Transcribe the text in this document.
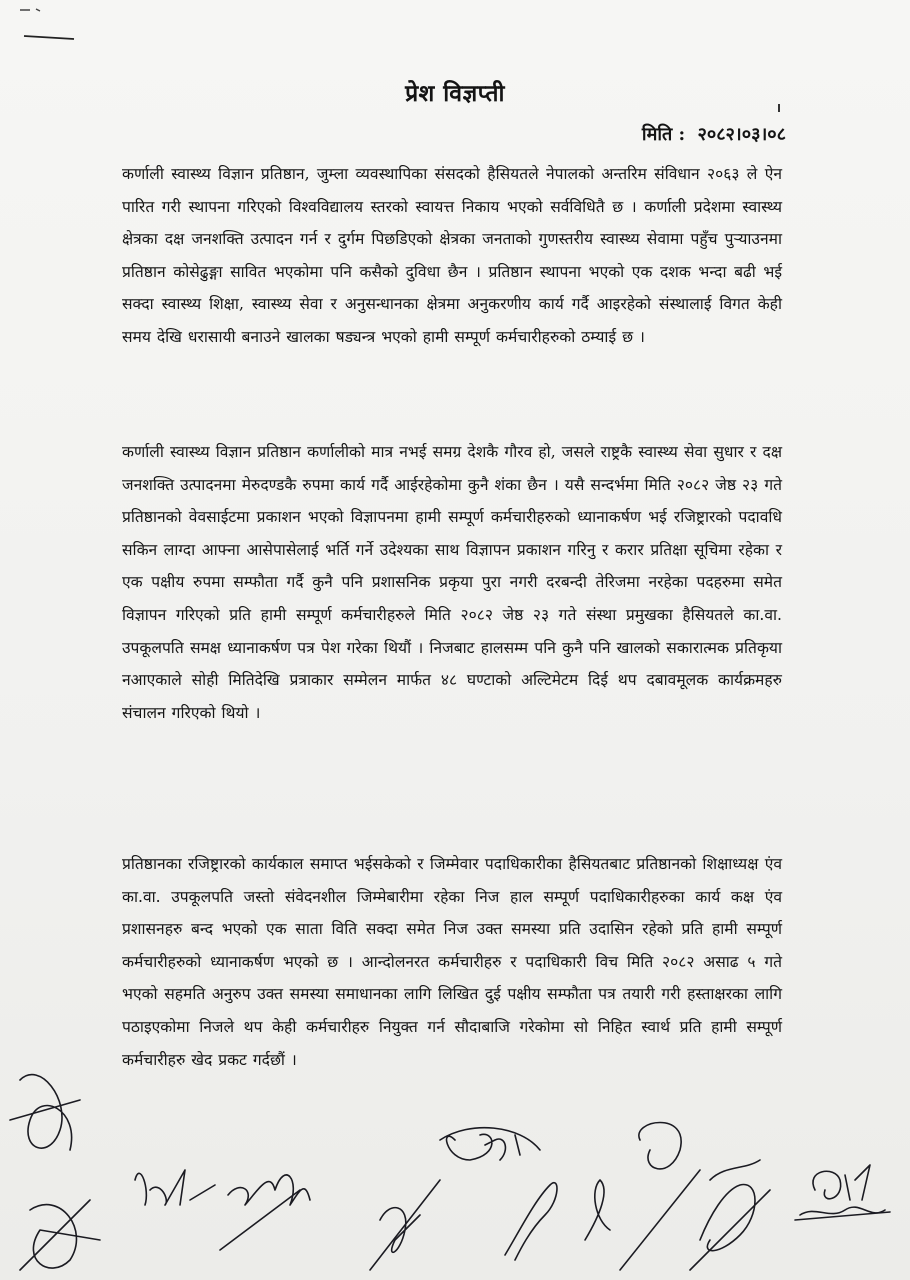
प्रेश विज्ञप्ती
मिति : २०८२।०३।०८
कर्णाली स्वास्थ्य विज्ञान प्रतिष्ठान, जुम्ला व्यवस्थापिका संसदको हैसियतले नेपालको अन्तरिम संविधान २०६३ ले ऐन पारित गरी स्थापना गरिएको विश्वविद्यालय स्तरको स्वायत्त निकाय भएको सर्वविधितै छ । कर्णाली प्रदेशमा स्वास्थ्य क्षेत्रका दक्ष जनशक्ति उत्पादन गर्न र दुर्गम पिछडिएको क्षेत्रका जनताको गुणस्तरीय स्वास्थ्य सेवामा पहुँच पुऱ्याउनमा प्रतिष्ठान कोसेढुङ्गा सावित भएकोमा पनि कसैको दुविधा छैन । प्रतिष्ठान स्थापना भएको एक दशक भन्दा बढी भई सक्दा स्वास्थ्य शिक्षा, स्वास्थ्य सेवा र अनुसन्धानका क्षेत्रमा अनुकरणीय कार्य गर्दै आइरहेको संस्थालाई विगत केही समय देखि धरासायी बनाउने खालका षड्यन्त्र भएको हामी सम्पूर्ण कर्मचारीहरुको ठम्याई छ ।
कर्णाली स्वास्थ्य विज्ञान प्रतिष्ठान कर्णालीको मात्र नभई समग्र देशकै गौरव हो, जसले राष्ट्रकै स्वास्थ्य सेवा सुधार र दक्ष जनशक्ति उत्पादनमा मेरुदण्डकै रुपमा कार्य गर्दै आईरहेकोमा कुनै शंका छैन । यसै सन्दर्भमा मिति २०८२ जेष्ठ २३ गते प्रतिष्ठानको वेवसाईटमा प्रकाशन भएको विज्ञापनमा हामी सम्पूर्ण कर्मचारीहरुको ध्यानाकर्षण भई रजिष्ट्रारको पदावधि सकिन लाग्दा आफ्ना आसेपासेलाई भर्ति गर्ने उदेश्यका साथ विज्ञापन प्रकाशन गरिनु र करार प्रतिक्षा सूचिमा रहेका र एक पक्षीय रुपमा सम्फौता गर्दै कुनै पनि प्रशासनिक प्रकृया पुरा नगरी दरबन्दी तेरिजमा नरहेका पदहरुमा समेत विज्ञापन गरिएको प्रति हामी सम्पूर्ण कर्मचारीहरुले मिति २०८२ जेष्ठ २३ गते संस्था प्रमुखका हैसियतले का.वा. उपकूलपति समक्ष ध्यानाकर्षण पत्र पेश गरेका थियौं । निजबाट हालसम्म पनि कुनै पनि खालको सकारात्मक प्रतिकृया नआएकाले सोही मितिदेखि प्रत्राकार सम्मेलन मार्फत ४८ घण्टाको अल्टिमेटम दिई थप दबावमूलक कार्यक्रमहरु संचालन गरिएको थियो ।
प्रतिष्ठानका रजिष्ट्रारको कार्यकाल समाप्त भईसकेको र जिम्मेवार पदाधिकारीका हैसियतबाट प्रतिष्ठानको शिक्षाध्यक्ष एंव का.वा. उपकूलपति जस्तो संवेदनशील जिम्मेबारीमा रहेका निज हाल सम्पूर्ण पदाधिकारीहरुका कार्य कक्ष एंव प्रशासनहरु बन्द भएको एक साता विति सक्दा समेत निज उक्त समस्या प्रति उदासिन रहेको प्रति हामी सम्पूर्ण कर्मचारीहरुको ध्यानाकर्षण भएको छ । आन्दोलनरत कर्मचारीहरु र पदाधिकारी विच मिति २०८२ असाढ ५ गते भएको सहमति अनुरुप उक्त समस्या समाधानका लागि लिखित दुई पक्षीय सम्फौता पत्र तयारी गरी हस्ताक्षरका लागि पठाइएकोमा निजले थप केही कर्मचारीहरु नियुक्त गर्न सौदाबाजि गरेकोमा सो निहित स्वार्थ प्रति हामी सम्पूर्ण कर्मचारीहरु खेद प्रकट गर्दछौं ।
